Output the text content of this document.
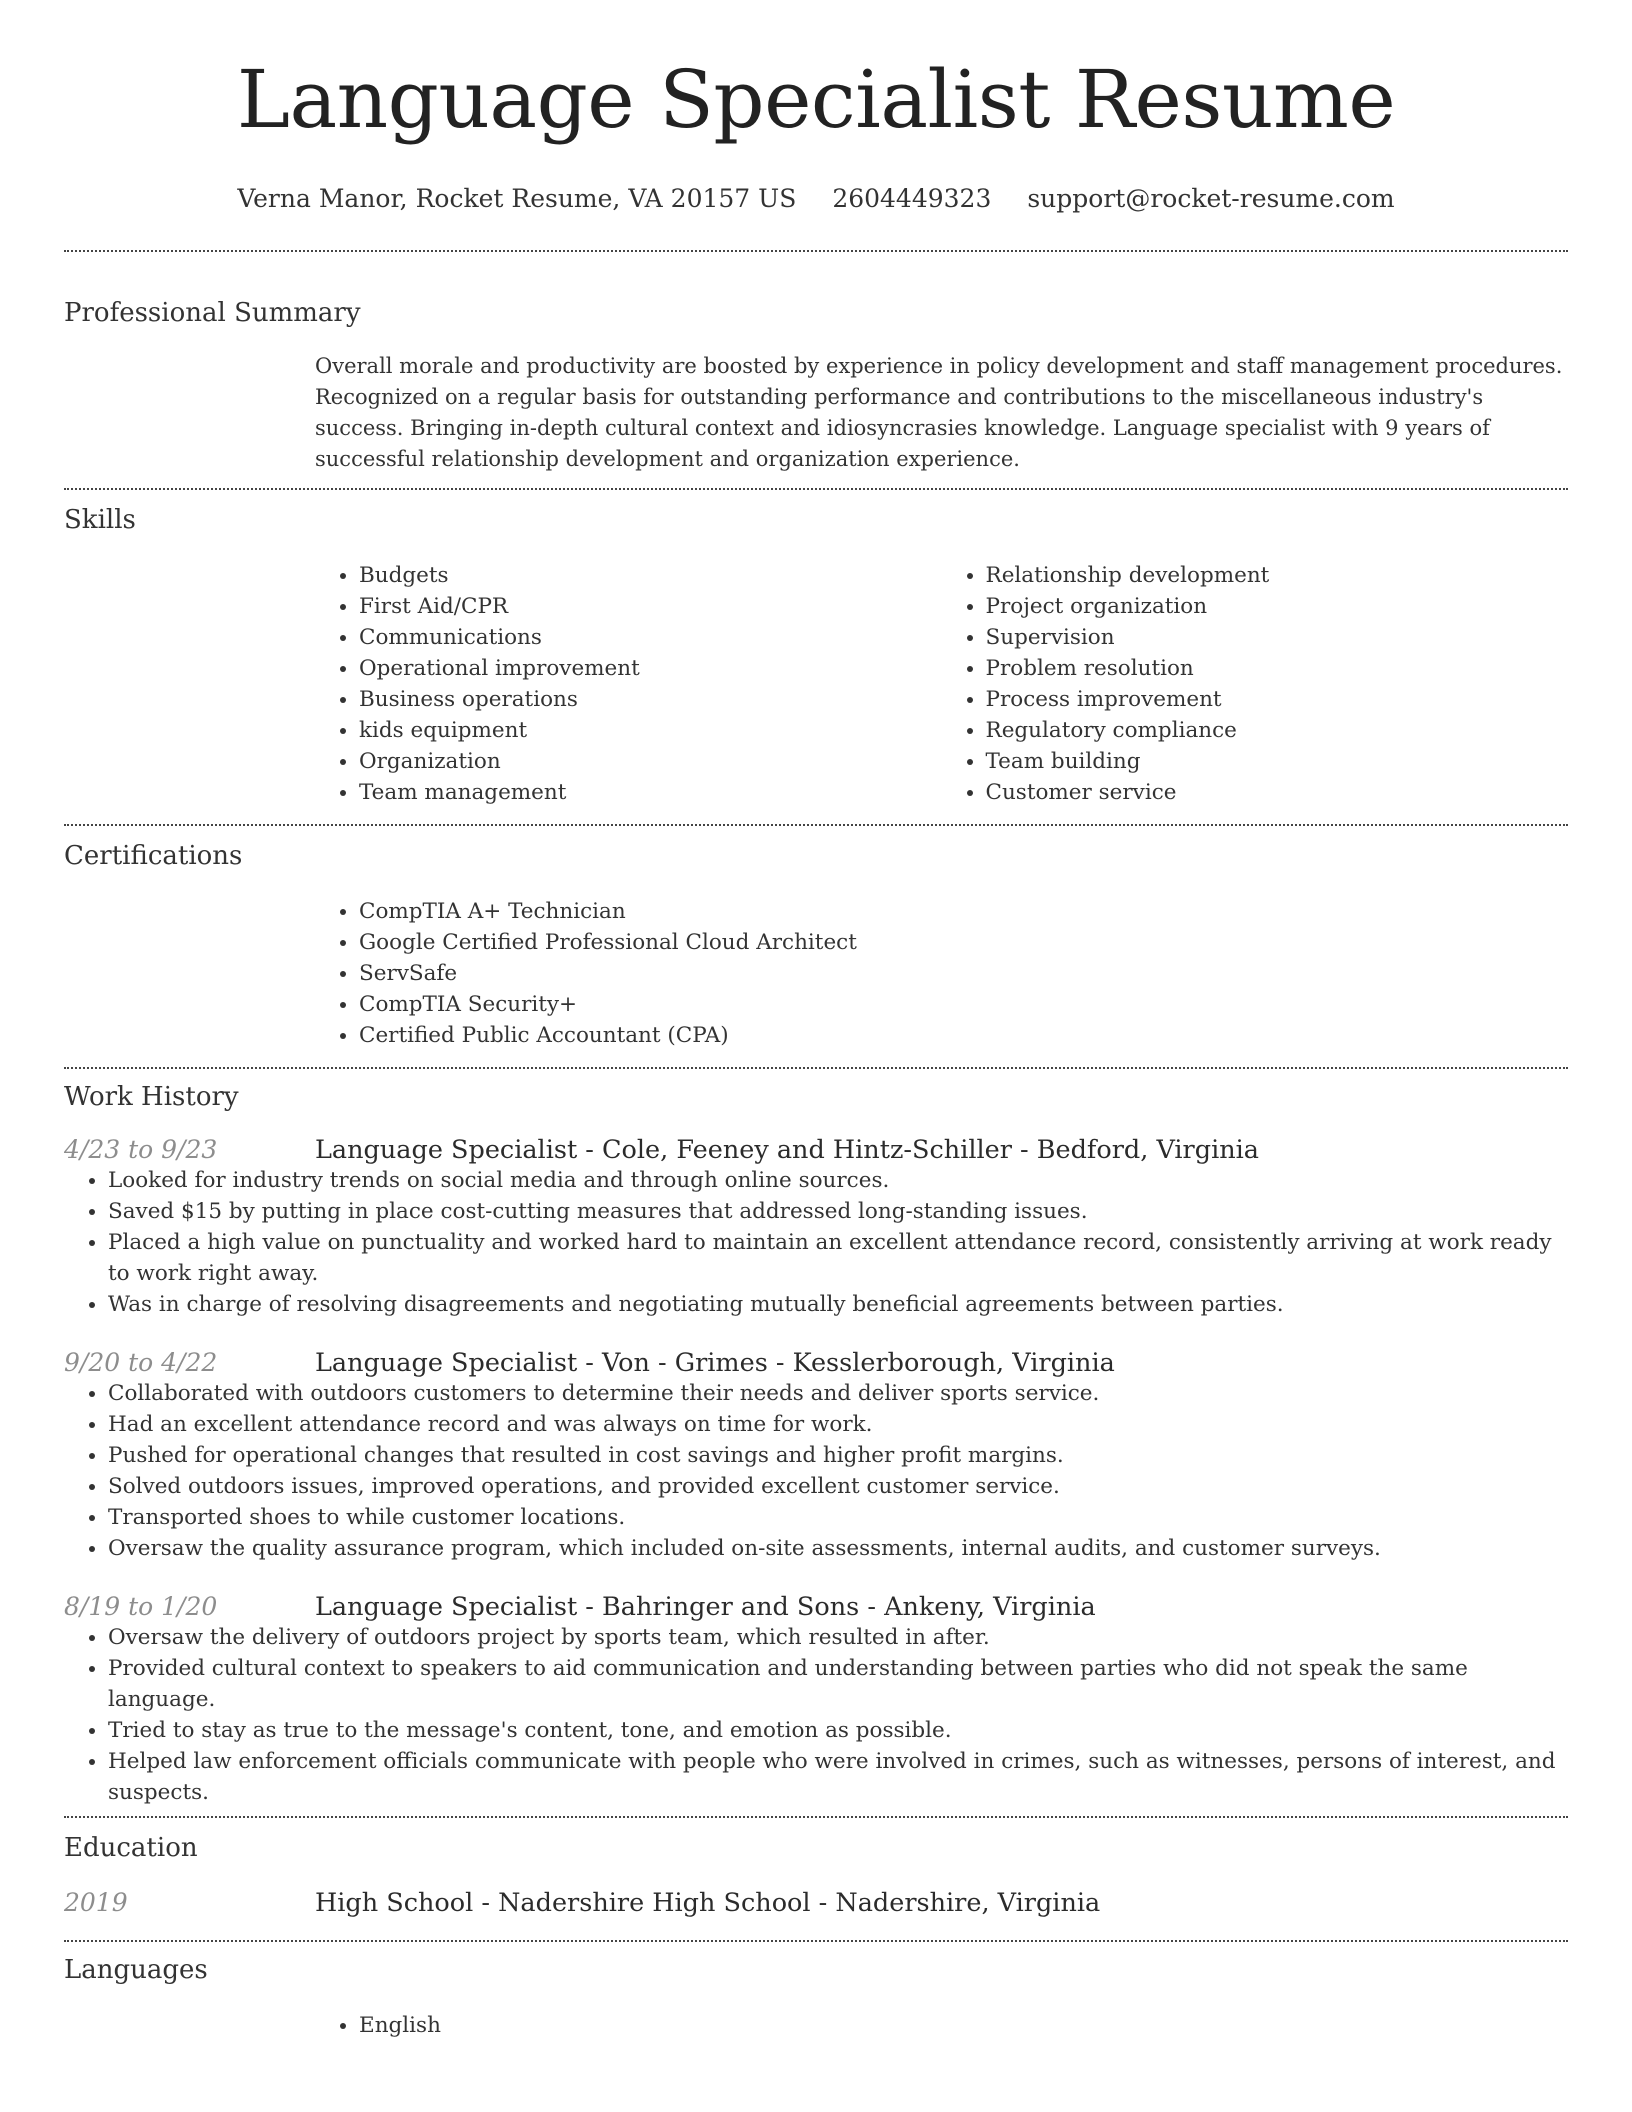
Language Specialist Resume
Verna Manor, Rocket Resume, VA 20157 US 2604449323 support@rocket-resume.com
Professional Summary
Overall morale and productivity are boosted by experience in policy development and staff management procedures. Recognized on a regular basis for outstanding performance and contributions to the miscellaneous industry's success. Bringing in-depth cultural context and idiosyncrasies knowledge. Language specialist with 9 years of successful relationship development and organization experience.
Skills
• Budgets
• First Aid/CPR
• Communications
• Operational improvement
• Business operations
• kids equipment
• Organization
• Team management
• Relationship development
• Project organization
• Supervision
• Problem resolution
• Process improvement
• Regulatory compliance
• Team building
• Customer service
Certifications
• CompTIA A+ Technician
• Google Certified Professional Cloud Architect
• ServSafe
• CompTIA Security+
• Certified Public Accountant (CPA)
Work History
4/23 to 9/23	Language Specialist - Cole, Feeney and Hintz-Schiller - Bedford, Virginia
• Looked for industry trends on social media and through online sources.
• Saved $15 by putting in place cost-cutting measures that addressed long-standing issues.
• Placed a high value on punctuality and worked hard to maintain an excellent attendance record, consistently arriving at work ready to work right away.
• Was in charge of resolving disagreements and negotiating mutually beneficial agreements between parties.
9/20 to 4/22	Language Specialist - Von - Grimes - Kesslerborough, Virginia
• Collaborated with outdoors customers to determine their needs and deliver sports service.
• Had an excellent attendance record and was always on time for work.
• Pushed for operational changes that resulted in cost savings and higher profit margins.
• Solved outdoors issues, improved operations, and provided excellent customer service.
• Transported shoes to while customer locations.
• Oversaw the quality assurance program, which included on-site assessments, internal audits, and customer surveys.
8/19 to 1/20	Language Specialist - Bahringer and Sons - Ankeny, Virginia
• Oversaw the delivery of outdoors project by sports team, which resulted in after.
• Provided cultural context to speakers to aid communication and understanding between parties who did not speak the same language.
• Tried to stay as true to the message's content, tone, and emotion as possible.
• Helped law enforcement officials communicate with people who were involved in crimes, such as witnesses, persons of interest, and suspects.
Education
2019	High School - Nadershire High School - Nadershire, Virginia
Languages
• English
